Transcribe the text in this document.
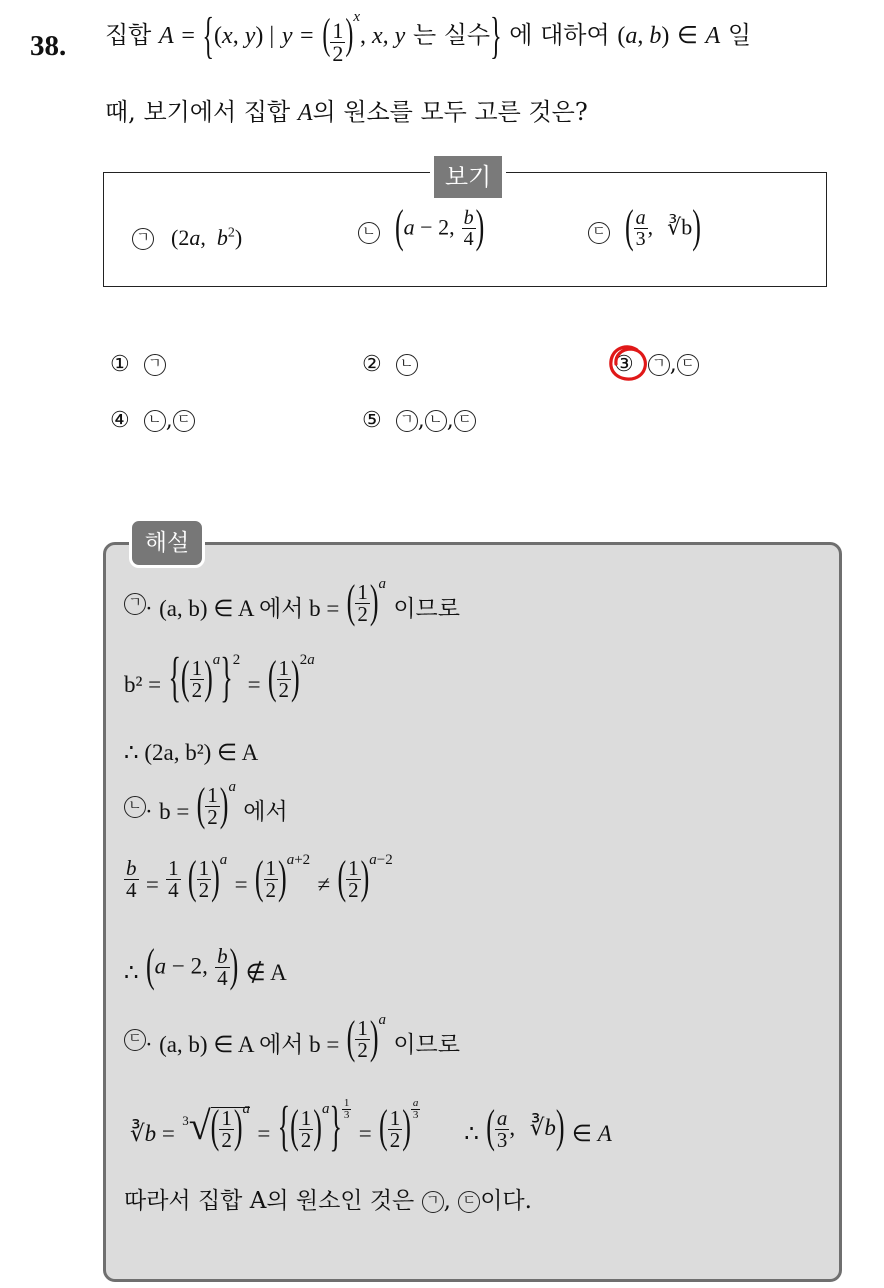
38. 집합 A = {(x, y) | y = ( $\frac{1}{2} )^x$, x, y 는 실수} 에 대하여 (a, b) ∈ A 일
때, 보기에서 집합 A의 원소를 모두 고른 것은?
보기
ㄱ (2a,  $b^2$)	ㄴ (a − 2, $\frac{b}{4}$ )	ㄷ ( $\frac{a}{3}$ , ∛b)
① ㄱ	② ㄴ	③ ㄱ , ㄷ
④ ㄴ , ㄷ	⑤ ㄱ , ㄴ , ㄷ
해설
ㄱ . (a, b) ∈ A 에서 b = ( $\frac{1}{2} )^a$ 이므로
b² = {( $\frac{1}{2} )^a\}^2$ = ( $\frac{1}{2} )^{2a}$
∴ (2a, b²) ∈ A
ㄴ . b = ( $\frac{1}{2} )^a$ 에서
$\frac{b}{4} = \frac{1}{4}$ ( $\frac{1}{2} )^a$ = ( $\frac{1}{2} )^{a+2}$ ≠ ( $\frac{1}{2} )^{a-2}$
∴ (a − 2, $\frac{b}{4}$ ) ∉ A
ㄷ . (a, b) ∈ A 에서 b = ( $\frac{1}{2} )^a$ 이므로
∛b = $^3√( \frac{1}{2} )^a$ = {( $\frac{1}{2} )^a\} \frac{1}{3}$
= ( $\frac{1}{2}$ ) $\frac{a}{3}$
∴ ( $\frac{a}{3}$ , ∛b) ∈ A
따라서 집합 A의 원소인 것은 ㄱ , ㄷ 이다.
